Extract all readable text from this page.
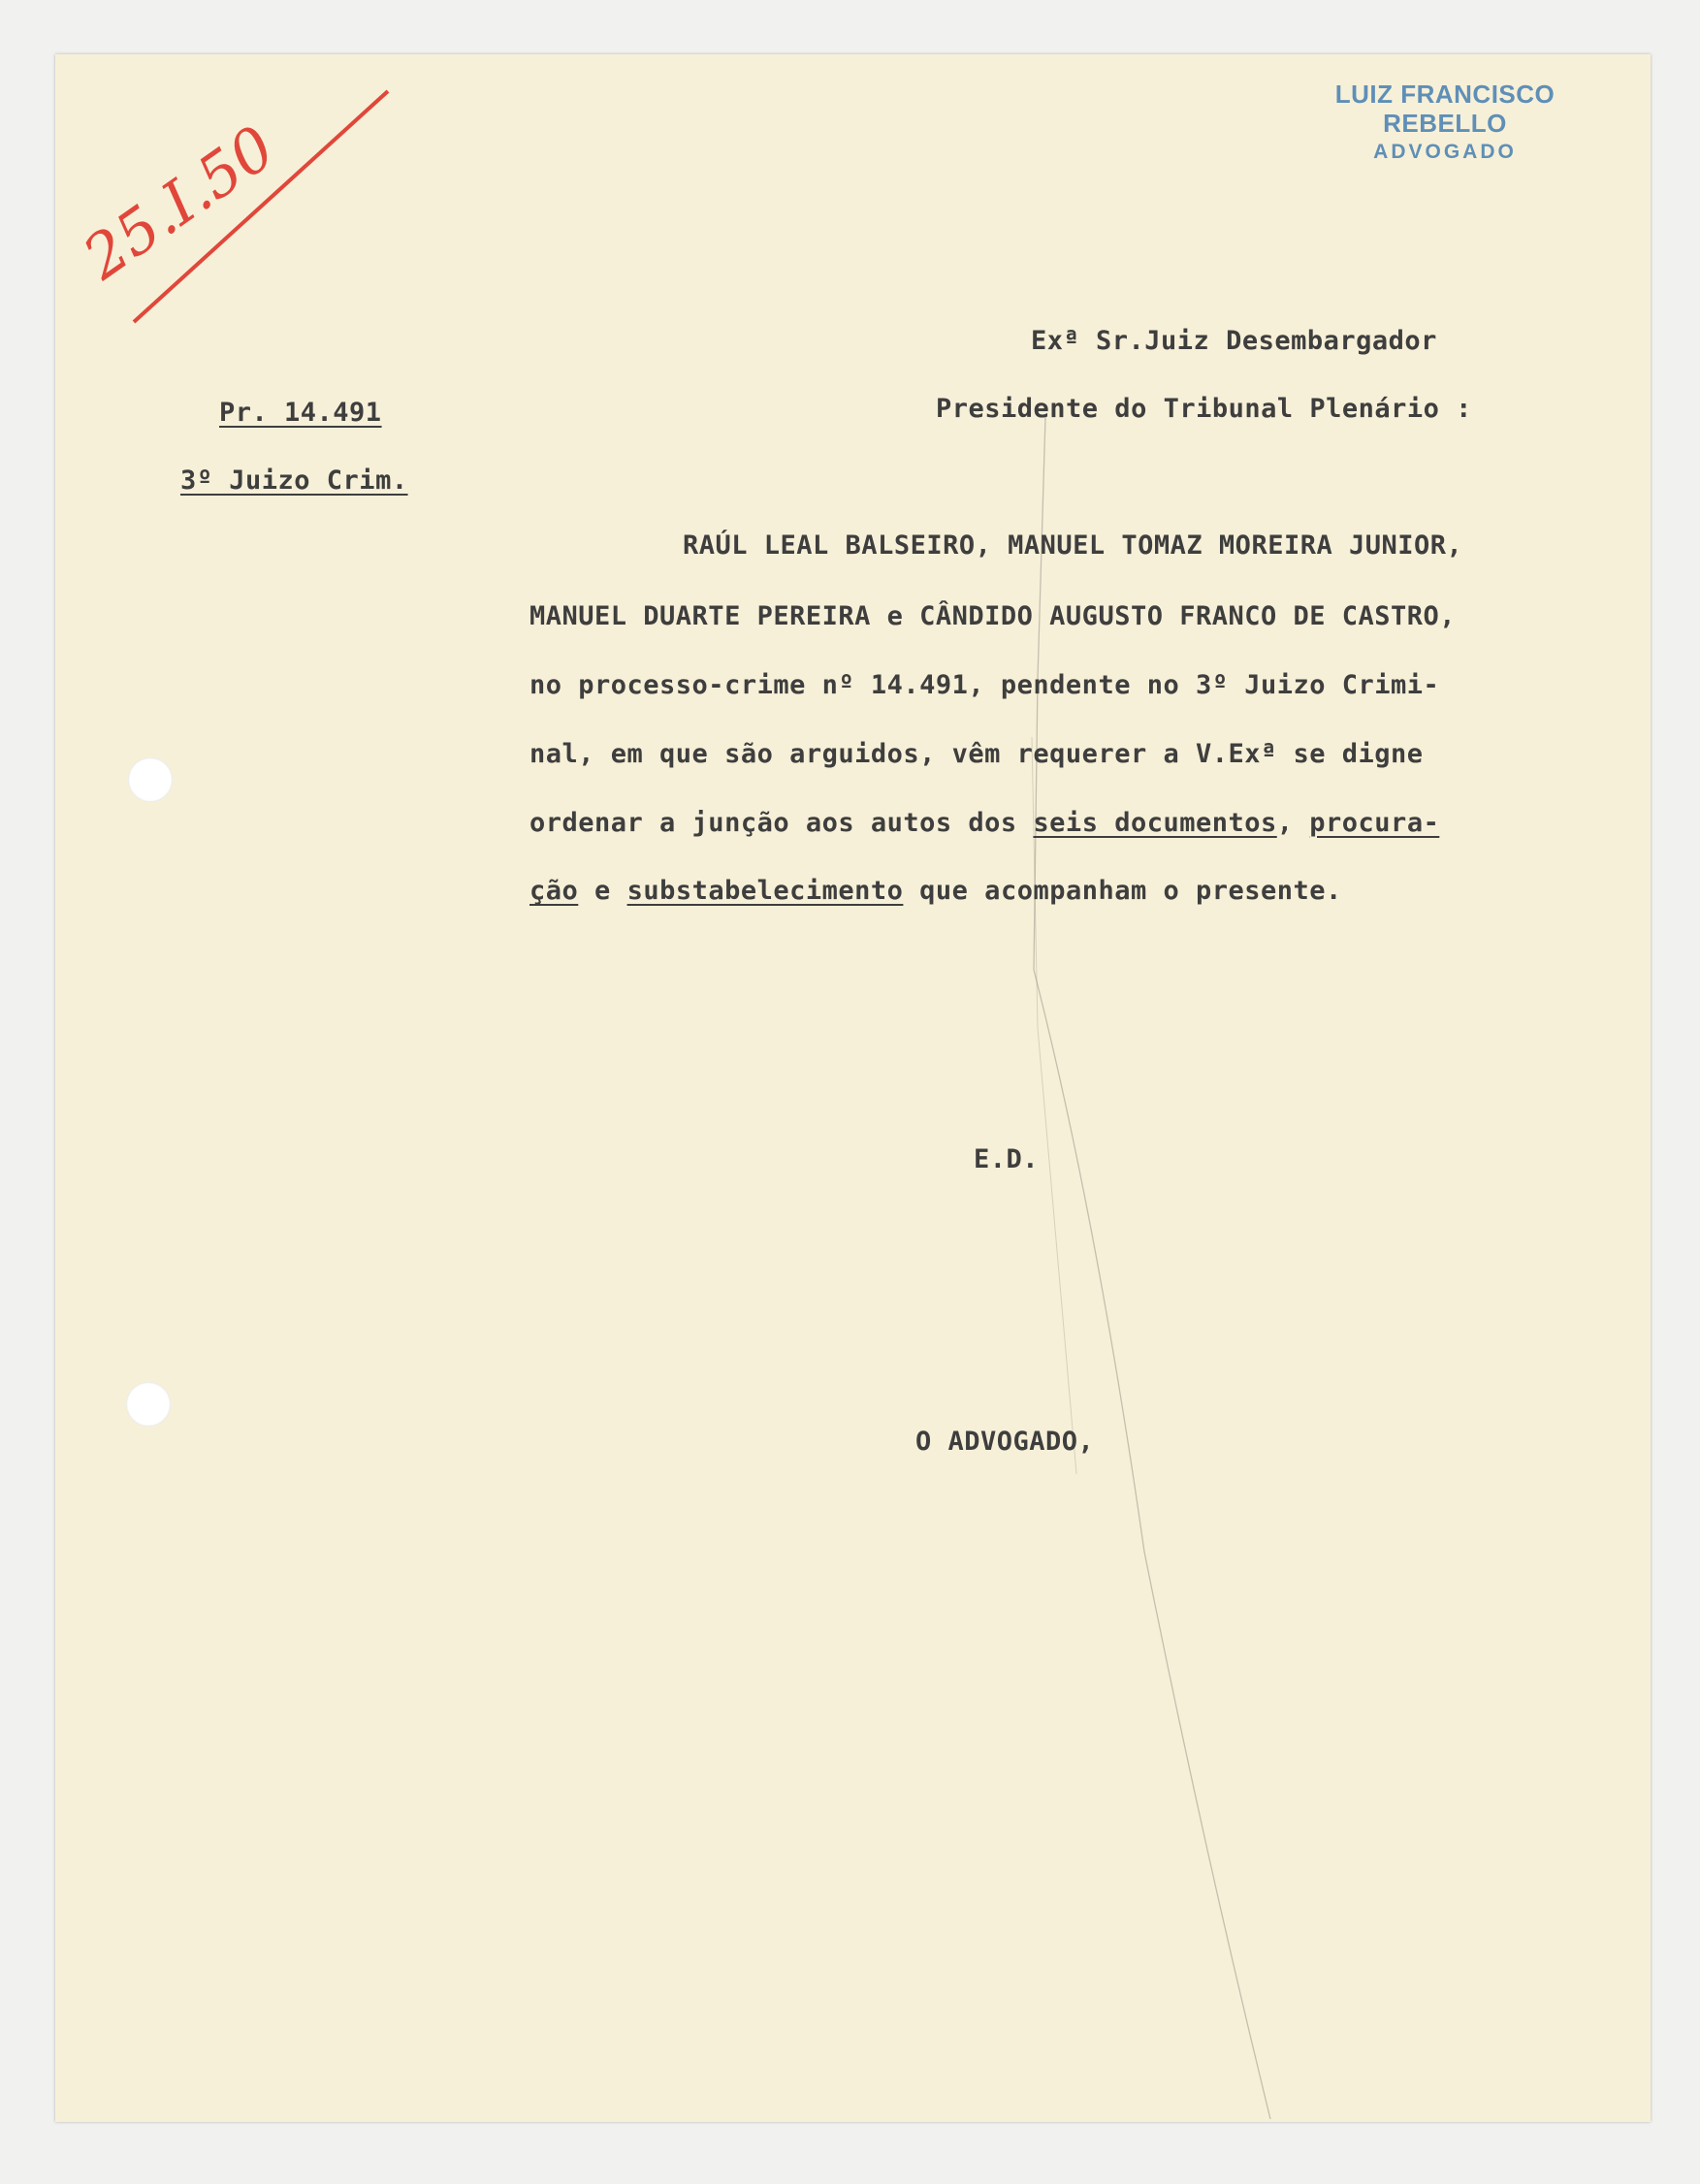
LUIZ FRANCISCO REBELLO
ADVOGADO
25.I.50
Pr. 14.491
3º Juizo Crim.
Exª Sr.Juiz Desembargador
Presidente do Tribunal Plenário :
RAÚL LEAL BALSEIRO, MANUEL TOMAZ MOREIRA JUNIOR,
MANUEL DUARTE PEREIRA e CÂNDIDO AUGUSTO FRANCO DE CASTRO,
no processo-crime nº 14.491, pendente no 3º Juizo Crimi-
nal, em que são arguidos, vêm requerer a V.Exª se digne
ordenar a junção aos autos dos seis documentos, procura-
ção e substabelecimento que acompanham o presente.
E.D.
O ADVOGADO,
